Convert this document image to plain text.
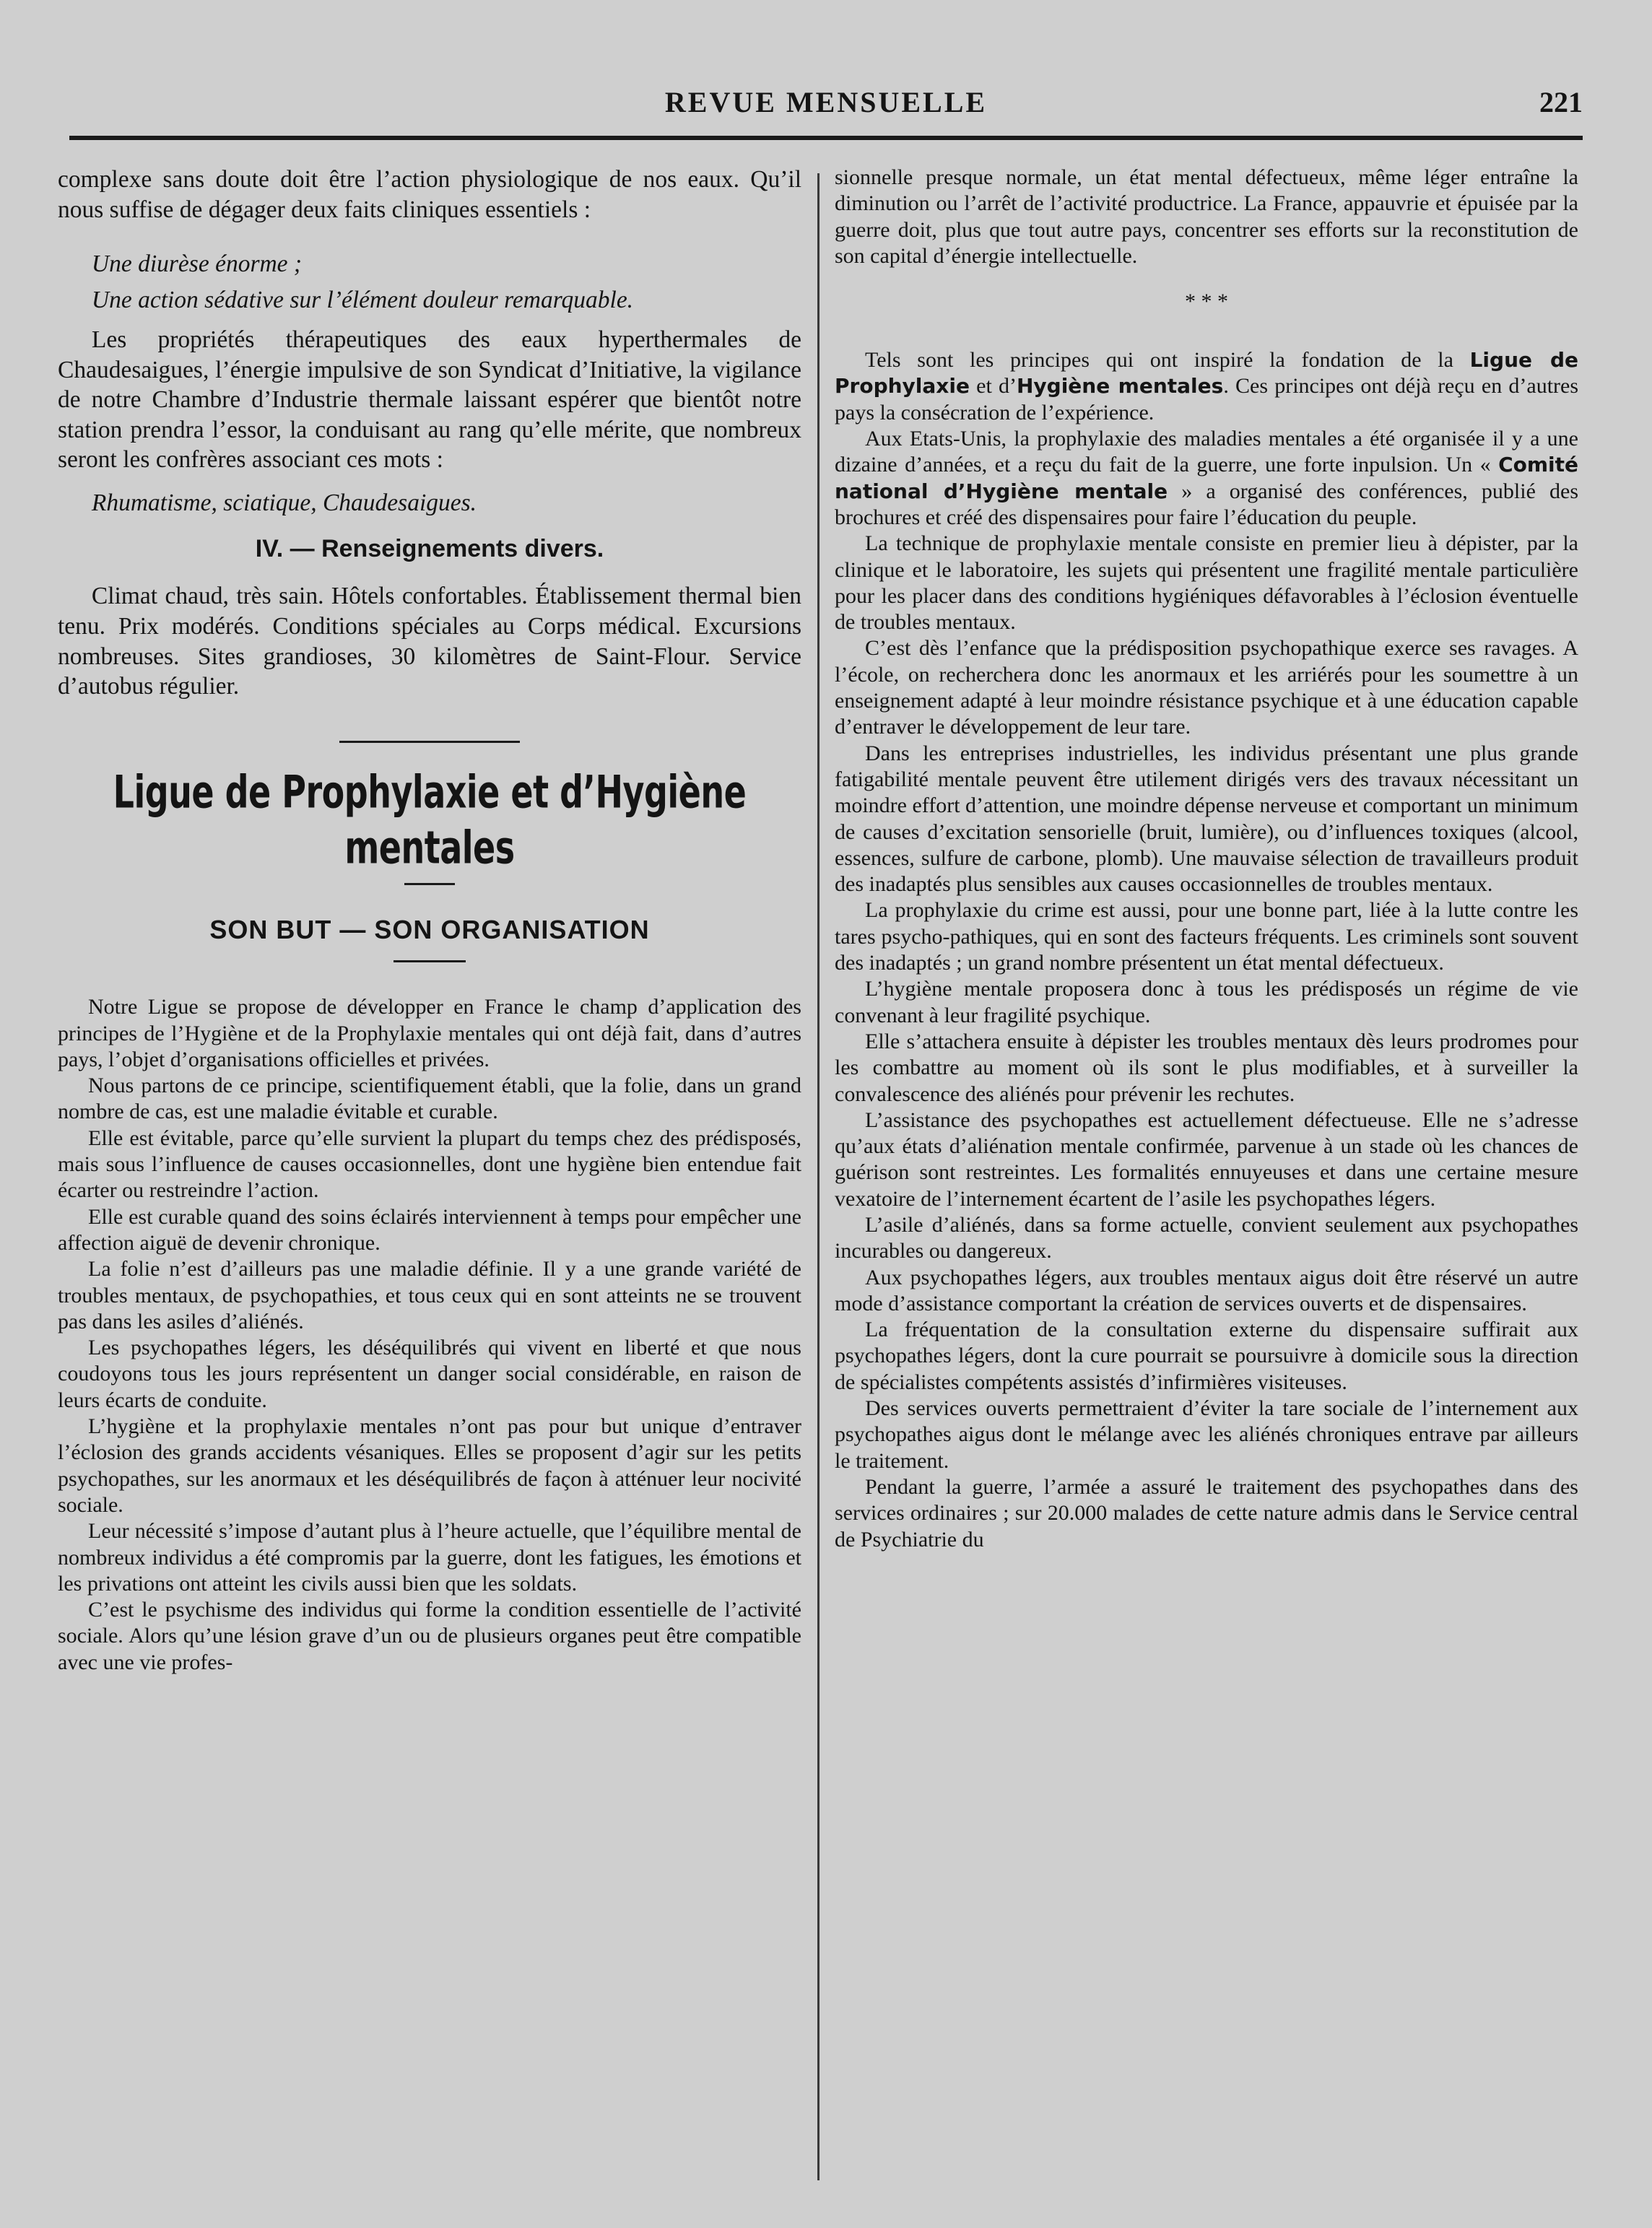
REVUE MENSUELLE	221

complexe sans doute doit être l’action physiologique de nos eaux. Qu’il nous suffise de dégager deux faits cliniques essentiels :

Une diurèse énorme ;

Une action sédative sur l’élément douleur remarquable.

Les propriétés thérapeutiques des eaux hyperthermales de Chaudesaigues, l’énergie impulsive de son Syndicat d’Initiative, la vigilance de notre Chambre d’Industrie thermale laissant espérer que bientôt notre station prendra l’essor, la conduisant au rang qu’elle mérite, que nombreux seront les confrères associant ces mots :

Rhumatisme, sciatique, Chaudesaigues.

IV. — Renseignements divers.

Climat chaud, très sain. Hôtels confortables. Établissement thermal bien tenu. Prix modérés. Conditions spéciales au Corps médical. Excursions nombreuses. Sites grandioses, 30 kilomètres de Saint-Flour. Service d’autobus régulier.

Ligue de Prophylaxie et d’Hygiène mentales

SON BUT — SON ORGANISATION

Notre Ligue se propose de développer en France le champ d’application des principes de l’Hygiène et de la Prophylaxie mentales qui ont déjà fait, dans d’autres pays, l’objet d’organisations officielles et privées.

Nous partons de ce principe, scientifiquement établi, que la folie, dans un grand nombre de cas, est une maladie évitable et curable.

Elle est évitable, parce qu’elle survient la plupart du temps chez des prédisposés, mais sous l’influence de causes occasionnelles, dont une hygiène bien entendue fait écarter ou restreindre l’action.

Elle est curable quand des soins éclairés interviennent à temps pour empêcher une affection aiguë de devenir chronique.

La folie n’est d’ailleurs pas une maladie définie. Il y a une grande variété de troubles mentaux, de psychopathies, et tous ceux qui en sont atteints ne se trouvent pas dans les asiles d’aliénés.

Les psychopathes légers, les déséquilibrés qui vivent en liberté et que nous coudoyons tous les jours représentent un danger social considérable, en raison de leurs écarts de conduite.

L’hygiène et la prophylaxie mentales n’ont pas pour but unique d’entraver l’éclosion des grands accidents vésaniques. Elles se proposent d’agir sur les petits psychopathes, sur les anormaux et les déséquilibrés de façon à atténuer leur nocivité sociale.

Leur nécessité s’impose d’autant plus à l’heure actuelle, que l’équilibre mental de nombreux individus a été compromis par la guerre, dont les fatigues, les émotions et les privations ont atteint les civils aussi bien que les soldats.

C’est le psychisme des individus qui forme la condition essentielle de l’activité sociale. Alors qu’une lésion grave d’un ou de plusieurs organes peut être compatible avec une vie profes-

sionnelle presque normale, un état mental défectueux, même léger entraîne la diminution ou l’arrêt de l’activité productrice. La France, appauvrie et épuisée par la guerre doit, plus que tout autre pays, concentrer ses efforts sur la reconstitution de son capital d’énergie intellectuelle.

* * *

Tels sont les principes qui ont inspiré la fondation de la Ligue de Prophylaxie et d’Hygiène mentales. Ces principes ont déjà reçu en d’autres pays la consécration de l’expérience.

Aux Etats-Unis, la prophylaxie des maladies mentales a été organisée il y a une dizaine d’années, et a reçu du fait de la guerre, une forte inpulsion. Un « Comité national d’Hygiène mentale » a organisé des conférences, publié des brochures et créé des dispensaires pour faire l’éducation du peuple.

La technique de prophylaxie mentale consiste en premier lieu à dépister, par la clinique et le laboratoire, les sujets qui présentent une fragilité mentale particulière pour les placer dans des conditions hygiéniques défavorables à l’éclosion éventuelle de troubles mentaux.

C’est dès l’enfance que la prédisposition psychopathique exerce ses ravages. A l’école, on recherchera donc les anormaux et les arriérés pour les soumettre à un enseignement adapté à leur moindre résistance psychique et à une éducation capable d’entraver le développement de leur tare.

Dans les entreprises industrielles, les individus présentant une plus grande fatigabilité mentale peuvent être utilement dirigés vers des travaux nécessitant un moindre effort d’attention, une moindre dépense nerveuse et comportant un minimum de causes d’excitation sensorielle (bruit, lumière), ou d’influences toxiques (alcool, essences, sulfure de carbone, plomb). Une mauvaise sélection de travailleurs produit des inadaptés plus sensibles aux causes occasionnelles de troubles mentaux.

La prophylaxie du crime est aussi, pour une bonne part, liée à la lutte contre les tares psycho-pathiques, qui en sont des facteurs fréquents. Les criminels sont souvent des inadaptés ; un grand nombre présentent un état mental défectueux.

L’hygiène mentale proposera donc à tous les prédisposés un régime de vie convenant à leur fragilité psychique.

Elle s’attachera ensuite à dépister les troubles mentaux dès leurs prodromes pour les combattre au moment où ils sont le plus modifiables, et à surveiller la convalescence des aliénés pour prévenir les rechutes.

L’assistance des psychopathes est actuellement défectueuse. Elle ne s’adresse qu’aux états d’aliénation mentale confirmée, parvenue à un stade où les chances de guérison sont restreintes. Les formalités ennuyeuses et dans une certaine mesure vexatoire de l’internement écartent de l’asile les psychopathes légers.

L’asile d’aliénés, dans sa forme actuelle, convient seulement aux psychopathes incurables ou dangereux.

Aux psychopathes légers, aux troubles mentaux aigus doit être réservé un autre mode d’assistance comportant la création de services ouverts et de dispensaires.

La fréquentation de la consultation externe du dispensaire suffirait aux psychopathes légers, dont la cure pourrait se poursuivre à domicile sous la direction de spécialistes compétents assistés d’infirmières visiteuses.

Des services ouverts permettraient d’éviter la tare sociale de l’internement aux psychopathes aigus dont le mélange avec les aliénés chroniques entrave par ailleurs le traitement.

Pendant la guerre, l’armée a assuré le traitement des psychopathes dans des services ordinaires ; sur 20.000 malades de cette nature admis dans le Service central de Psychiatrie du
